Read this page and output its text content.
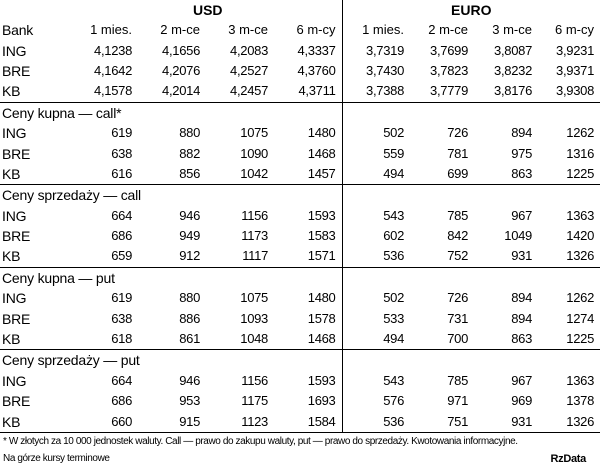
	USD				EURO			
Bank	1 mies.	2 m-ce	3 m-ce	6 m-cy	1 mies.	2 m-ce	3 m-ce	6 m-cy
ING	4,1238	4,1656	4,2083	4,3337	3,7319	3,7699	3,8087	3,9231
BRE	4,1642	4,2076	4,2527	4,3760	3,7430	3,7823	3,8232	3,9371
KB	4,1578	4,2014	4,2457	4,3711	3,7388	3,7779	3,8176	3,9308
Ceny kupna — call*								
ING	619	880	1075	1480	502	726	894	1262
BRE	638	882	1090	1468	559	781	975	1316
KB	616	856	1042	1457	494	699	863	1225
Ceny sprzedaży — call								
ING	664	946	1156	1593	543	785	967	1363
BRE	686	949	1173	1583	602	842	1049	1420
KB	659	912	1117	1571	536	752	931	1326
Ceny kupna — put								
ING	619	880	1075	1480	502	726	894	1262
BRE	638	886	1093	1578	533	731	894	1274
KB	618	861	1048	1468	494	700	863	1225
Ceny sprzedaży — put								
ING	664	946	1156	1593	543	785	967	1363
BRE	686	953	1175	1693	576	971	969	1378
KB	660	915	1123	1584	536	751	931	1326
* W złotych za 10 000 jednostek waluty. Call — prawo do zakupu waluty, put — prawo do sprzedaży. Kwotowania informacyjne.
Na górze kursy terminowe	RzData
